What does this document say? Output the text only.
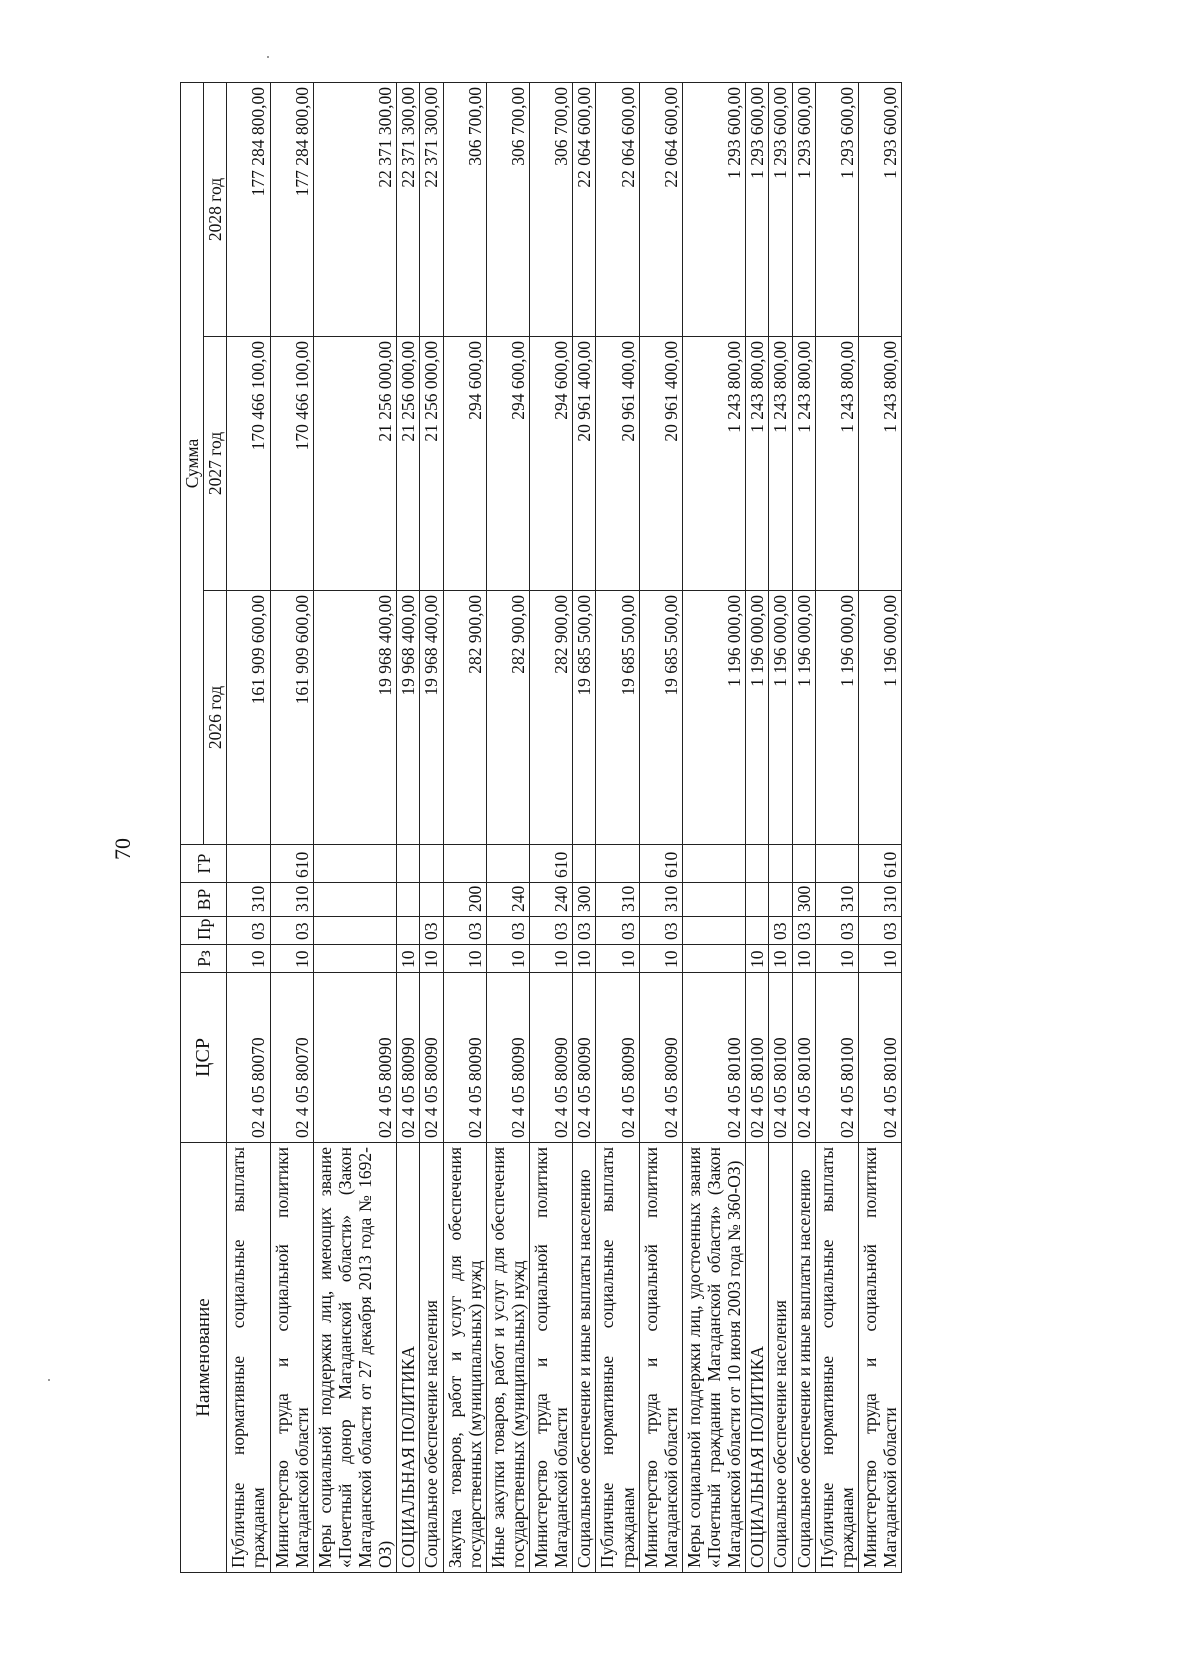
70
Наименование	ЦСР	Рз	Пр	ВР	ГР	Сумма		
						2026 год	2027 год	2028 год
Публичные нормативные социальные выплаты гражданам	02 4 05 80070	10	03	310		161 909 600,00	170 466 100,00	177 284 800,00
Министерство труда и социальной политики Магаданской области	02 4 05 80070	10	03	310	610	161 909 600,00	170 466 100,00	177 284 800,00
Меры социальной поддержки лиц, имеющих звание «Почетный донор Магаданской области» (Закон Магаданской области от 27 декабря 2013 года № 1692-ОЗ)	02 4 05 80090					19 968 400,00	21 256 000,00	22 371 300,00
СОЦИАЛЬНАЯ ПОЛИТИКА	02 4 05 80090	10				19 968 400,00	21 256 000,00	22 371 300,00
Социальное обеспечение населения	02 4 05 80090	10	03			19 968 400,00	21 256 000,00	22 371 300,00
Закупка товаров, работ и услуг для обеспечения государственных (муниципальных) нужд	02 4 05 80090	10	03	200		282 900,00	294 600,00	306 700,00
Иные закупки товаров, работ и услуг для обеспечения государственных (муниципальных) нужд	02 4 05 80090	10	03	240		282 900,00	294 600,00	306 700,00
Министерство труда и социальной политики Магаданской области	02 4 05 80090	10	03	240	610	282 900,00	294 600,00	306 700,00
Социальное обеспечение и иные выплаты населению	02 4 05 80090	10	03	300		19 685 500,00	20 961 400,00	22 064 600,00
Публичные нормативные социальные выплаты гражданам	02 4 05 80090	10	03	310		19 685 500,00	20 961 400,00	22 064 600,00
Министерство труда и социальной политики Магаданской области	02 4 05 80090	10	03	310	610	19 685 500,00	20 961 400,00	22 064 600,00
Меры социальной поддержки лиц, удостоенных звания «Почетный гражданин Магаданской области» (Закон Магаданской области от 10 июня 2003 года № 360-ОЗ)	02 4 05 80100					1 196 000,00	1 243 800,00	1 293 600,00
СОЦИАЛЬНАЯ ПОЛИТИКА	02 4 05 80100	10				1 196 000,00	1 243 800,00	1 293 600,00
Социальное обеспечение населения	02 4 05 80100	10	03			1 196 000,00	1 243 800,00	1 293 600,00
Социальное обеспечение и иные выплаты населению	02 4 05 80100	10	03	300		1 196 000,00	1 243 800,00	1 293 600,00
Публичные нормативные социальные выплаты гражданам	02 4 05 80100	10	03	310		1 196 000,00	1 243 800,00	1 293 600,00
Министерство труда и социальной политики Магаданской области	02 4 05 80100	10	03	310	610	1 196 000,00	1 243 800,00	1 293 600,00
